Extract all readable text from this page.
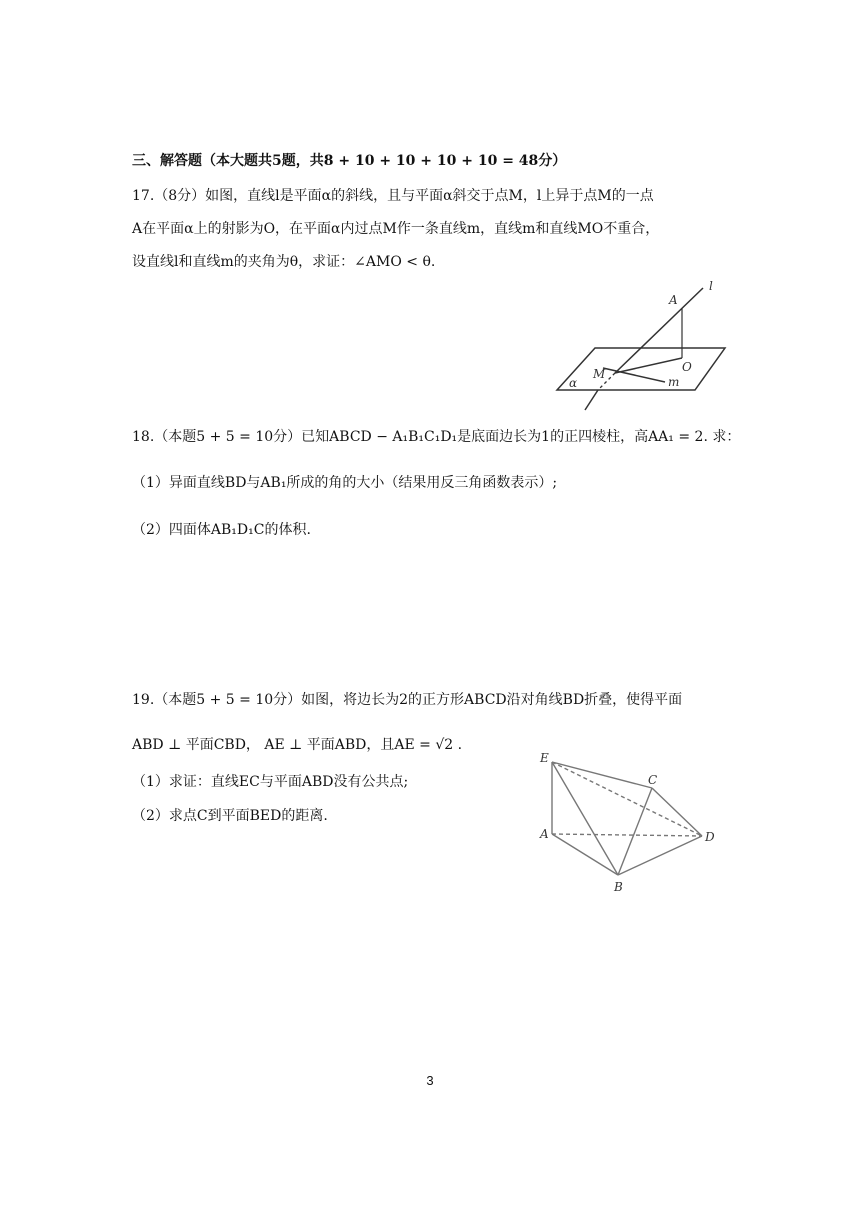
三、解答题（本大题共5题，共8 + 10 + 10 + 10 + 10 = 48分）
17.（8分）如图，直线l是平面α的斜线，且与平面α斜交于点M，l上异于点M的一点
A在平面α上的射影为O，在平面α内过点M作一条直线m，直线m和直线MO不重合，
设直线l和直线m的夹角为θ，求证：∠AMO < θ.
A
l
O
M
α	m
18.（本题5 + 5 = 10分）已知ABCD − A₁B₁C₁D₁是底面边长为1的正四棱柱，高AA₁ = 2. 求：
（1）异面直线BD与AB₁所成的角的大小（结果用反三角函数表示）;
（2）四面体AB₁D₁C的体积.
19.（本题5 + 5 = 10分）如图，将边长为2的正方形ABCD沿对角线BD折叠，使得平面
ABD ⊥ 平面CBD， AE ⊥ 平面ABD，且AE = √2 .
（1）求证：直线EC与平面ABD没有公共点;
（2）求点C到平面BED的距离.
E
C
A	D
B
3
